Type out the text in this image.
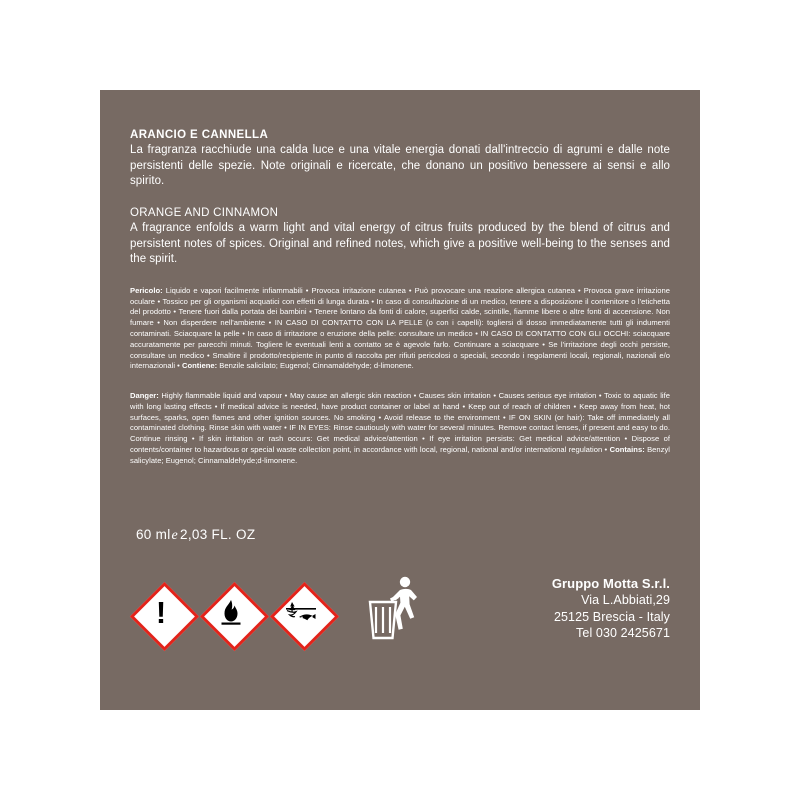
ARANCIO E CANNELLA

La fragranza racchiude una calda luce e una vitale energia donati dall'intreccio di agrumi e dalle note persistenti delle spezie. Note originali e ricercate, che donano un positivo benessere ai sensi e allo spirito.

ORANGE AND CINNAMON

A fragrance enfolds a warm light and vital energy of citrus fruits produced by the blend of citrus and persistent notes of spices. Original and refined notes, which give a positive well-being to the senses and the spirit.

Pericolo: Liquido e vapori facilmente infiammabili • Provoca irritazione cutanea • Può provocare una reazione allergica cutanea • Provoca grave irritazione oculare • Tossico per gli organismi acquatici con effetti di lunga durata • In caso di consultazione di un medico, tenere a disposizione il contenitore o l'etichetta del prodotto • Tenere fuori dalla portata dei bambini • Tenere lontano da fonti di calore, superfici calde, scintille, fiamme libere o altre fonti di accensione. Non fumare • Non disperdere nell'ambiente • IN CASO DI CONTATTO CON LA PELLE (o con i capelli): togliersi di dosso immediatamente tutti gli indumenti contaminati. Sciacquare la pelle • In caso di irritazione o eruzione della pelle: consultare un medico • IN CASO DI CONTATTO CON GLI OCCHI: sciacquare accuratamente per parecchi minuti. Togliere le eventuali lenti a contatto se è agevole farlo. Continuare a sciacquare • Se l'irritazione degli occhi persiste, consultare un medico • Smaltire il prodotto/recipiente in punto di raccolta per rifiuti pericolosi o speciali, secondo i regolamenti locali, regionali, nazionali e/o internazionali • Contiene: Benzile salicilato; Eugenol; Cinnamaldehyde; d-limonene.

Danger: Highly flammable liquid and vapour • May cause an allergic skin reaction • Causes skin irritation • Causes serious eye irritation • Toxic to aquatic life with long lasting effects • If medical advice is needed, have product container or label at hand • Keep out of reach of children • Keep away from heat, hot surfaces, sparks, open flames and other ignition sources. No smoking • Avoid release to the environment • IF ON SKIN (or hair): Take off immediately all contaminated clothing. Rinse skin with water • IF IN EYES: Rinse cautiously with water for several minutes. Remove contact lenses, if present and easy to do. Continue rinsing • If skin irritation or rash occurs: Get medical advice/attention • If eye irritation persists: Get medical advice/attention • Dispose of contents/container to hazardous or special waste collection point, in accordance with local, regional, national and/or international regulation • Contains: Benzyl salicylate; Eugenol; Cinnamaldehyde;d-limonene.

60 mle 2,03 FL. OZ

!
Gruppo Motta S.r.l.
Via L.Abbiati,29
25125 Brescia - Italy
Tel 030 2425671
